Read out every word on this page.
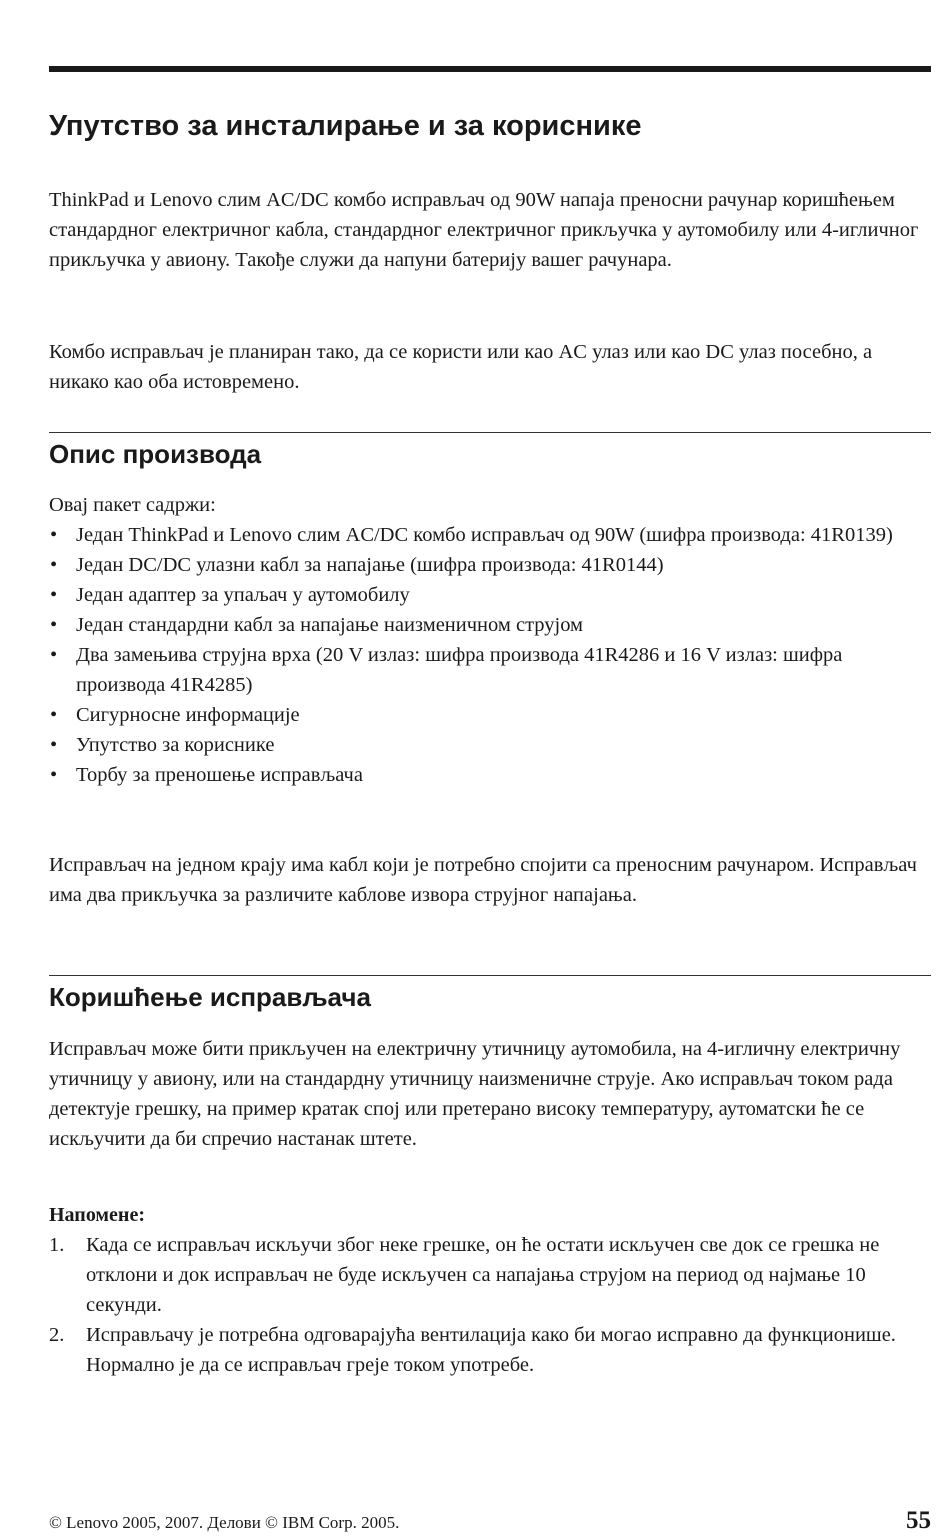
Упутство за инсталирање и за кориснике

ThinkPad и Lenovo слим AC/DC комбо исправљач од 90W напаја преносни рачунар коришћењем стандардног електричног кабла, стандардног електричног прикључка у аутомобилу или 4-игличног прикључка у авиону. Такође служи да напуни батерију вашег рачунара.

Комбо исправљач је планиран тако, да се користи или као AC улаз или као DC улаз посебно, а никако као оба истовремено.

Опис производа

Овај пакет садржи:

• Један ThinkPad и Lenovo слим AC/DC комбо исправљач од 90W (шифра производа: 41R0139)
• Један DC/DC улазни кабл за напајање (шифра производа: 41R0144)
• Један адаптер за упаљач у аутомобилу
• Један стандардни кабл за напајање наизменичном струјом
• Два замењива струјна врха (20 V излаз: шифра производа 41R4286 и 16 V излаз: шифра производа 41R4285)
• Сигурносне информације
• Упутство за кориснике
• Торбу за преношење исправљача

Исправљач на једном крају има кабл који је потребно спојити са преносним рачунаром. Исправљач има два прикључка за различите каблове извора струјног напајања.

Коришћење исправљача

Исправљач може бити прикључен на електричну утичницу аутомобила, на 4-игличну електричну утичницу у авиону, или на стандардну утичницу наизменичне струје. Ако исправљач током рада детектује грешку, на пример кратак спој или претерано високу температуру, аутоматски ће се искључити да би спречио настанак штете.

Напомене:
1. Када се исправљач искључи због неке грешке, он ће остати искључен све док се грешка не отклони и док исправљач не буде искључен са напајања струјом на период од најмање 10 секунди.
2. Исправљачу је потребна одговарајућа вентилација како би могао исправно да функционише. Нормално је да се исправљач греје током употребе.
© Lenovo 2005, 2007. Делови © IBM Corp. 2005.	55
